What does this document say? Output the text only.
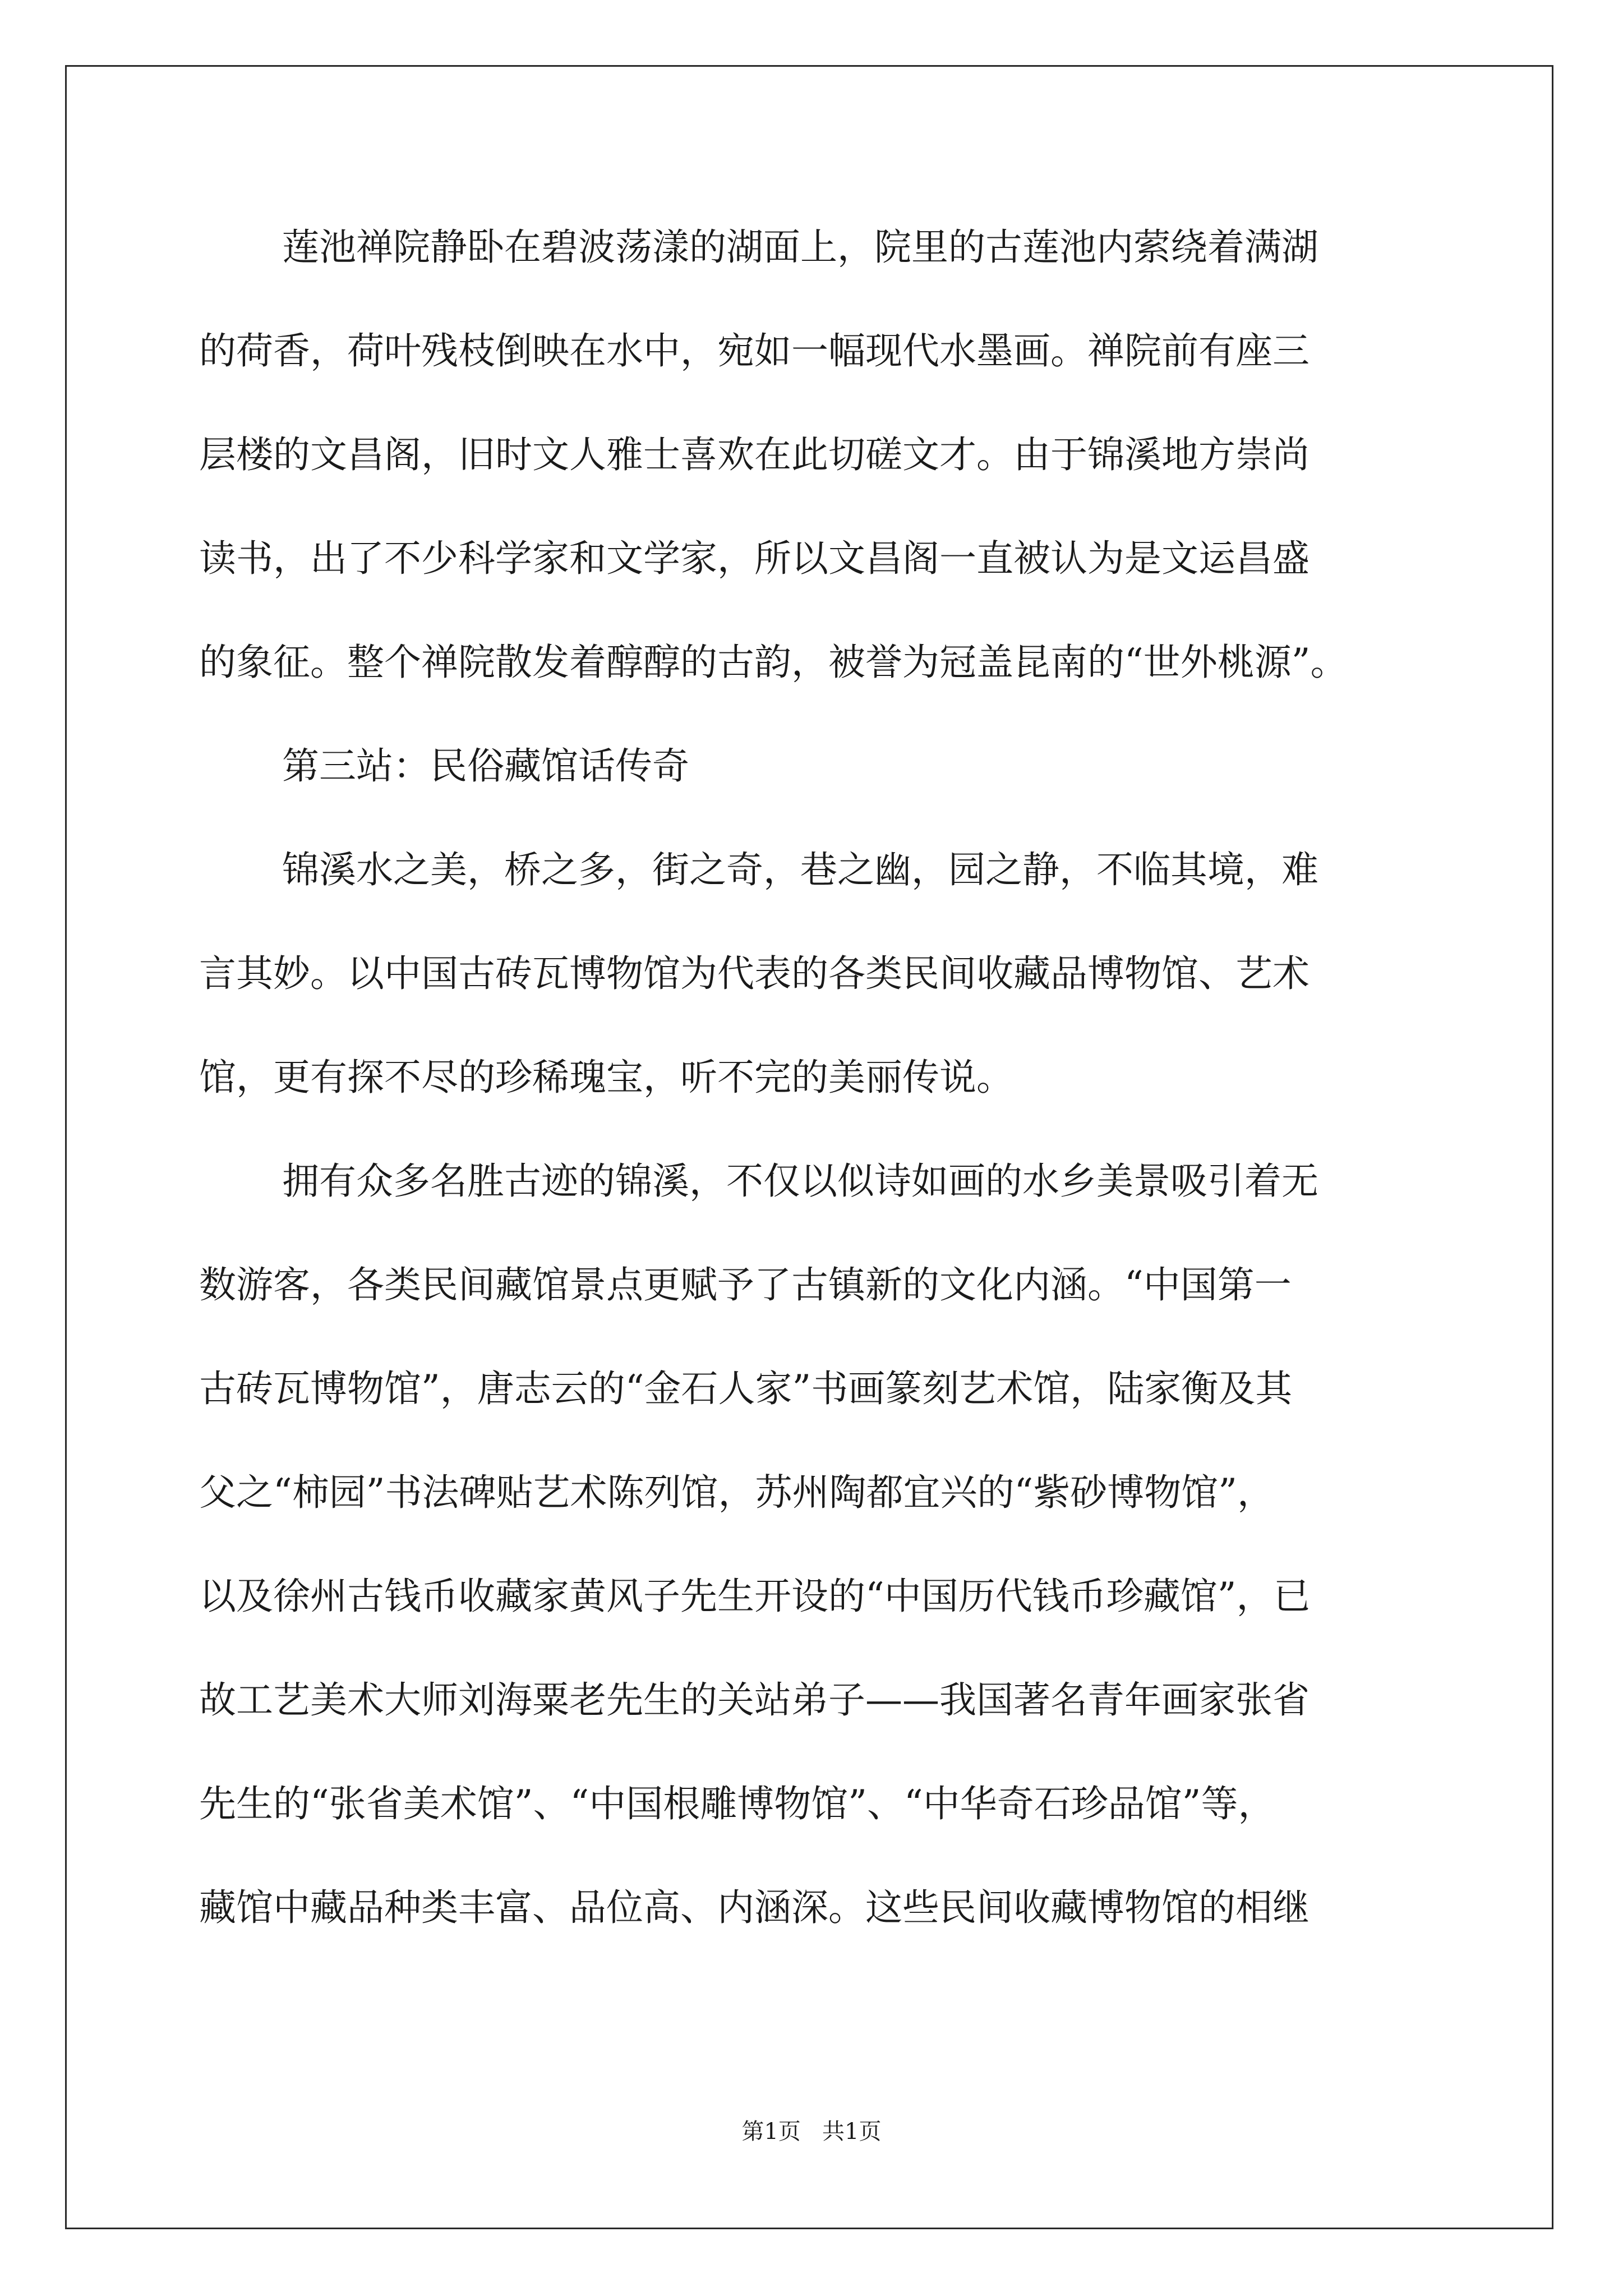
莲池禅院静卧在碧波荡漾的湖面上，院里的古莲池内萦绕着满湖
的荷香，荷叶残枝倒映在水中，宛如一幅现代水墨画。禅院前有座三
层楼的文昌阁，旧时文人雅士喜欢在此切磋文才。由于锦溪地方崇尚
读书，出了不少科学家和文学家，所以文昌阁一直被认为是文运昌盛
的象征。整个禅院散发着醇醇的古韵，被誉为冠盖昆南的“世外桃源”。
第三站：民俗藏馆话传奇
锦溪水之美，桥之多，街之奇，巷之幽，园之静，不临其境，难
言其妙。以中国古砖瓦博物馆为代表的各类民间收藏品博物馆、艺术
馆，更有探不尽的珍稀瑰宝，听不完的美丽传说。
拥有众多名胜古迹的锦溪，不仅以似诗如画的水乡美景吸引着无
数游客，各类民间藏馆景点更赋予了古镇新的文化内涵。“中国第一
古砖瓦博物馆”，唐志云的“金石人家”书画篆刻艺术馆，陆家衡及其
父之“柿园”书法碑贴艺术陈列馆，苏州陶都宜兴的“紫砂博物馆”，
以及徐州古钱币收藏家黄风子先生开设的“中国历代钱币珍藏馆”，已
故工艺美术大师刘海粟老先生的关站弟子——我国著名青年画家张省
先生的“张省美术馆”、“中国根雕博物馆”、“中华奇石珍品馆”等，
藏馆中藏品种类丰富、品位高、内涵深。这些民间收藏博物馆的相继
第1页   共1页
